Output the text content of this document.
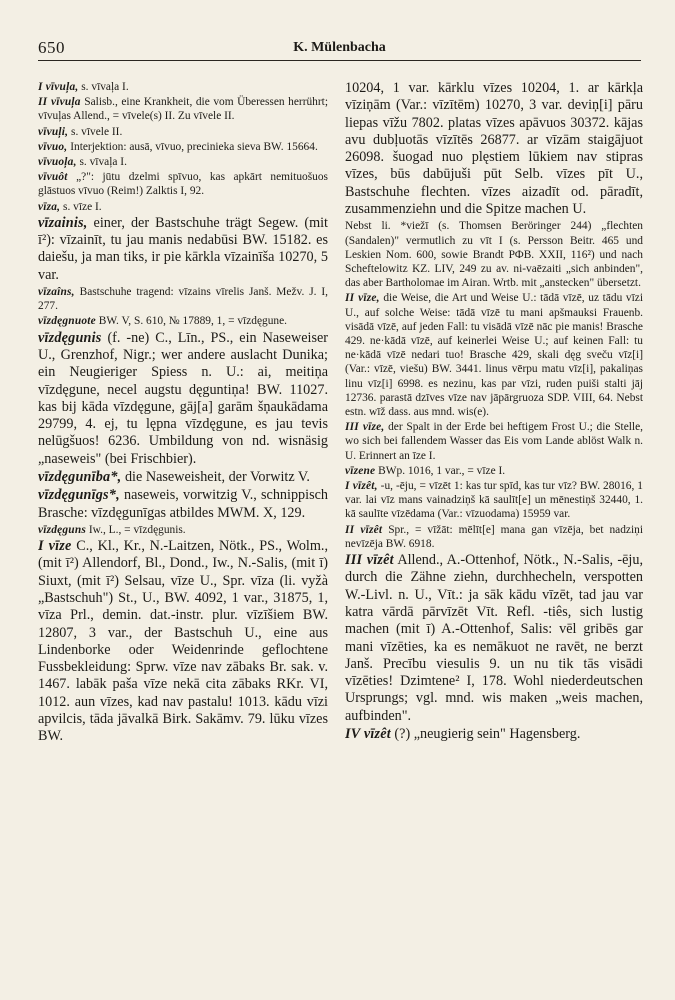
650	K. Mülenbacha

I vīvuļa, s. vīvaļa I.

II vīvuļa Salisb., eine Krankheit, die vom Überessen herrührt; vīvuļas Allend., = vīvele(s) II. Zu vīvele II.

vīvuļi, s. vīvele II.

vīvuo, Interjektion: ausā, vīvuo, precinieka sieva BW. 15664.

vīvuoļa, s. vīvaļa I.

vīvuôt „?": jūtu dzelmi spīvuo, kas apkārt nemituošuos glāstuos vīvuo (Reim!) Zalktis I, 92.

vīza, s. vīze I.

vīzainis, einer, der Bastschuhe trägt Segew. (mit ī²): vīzainīt, tu jau manis nedabūsi BW. 15182. es daiešu, ja man tiks, ir pie kārkla vīzainīša 10270, 5 var.

vīzaîns, Bastschuhe tragend: vīzains vīrelis Janš. Mežv. J. I, 277.

vīzdęgnuote BW. V, S. 610, № 17889, 1, = vīzdęgune.

vīzdęgunis (f. -ne) C., Līn., PS., ein Naseweiser U., Grenzhof, Nigr.; wer andere auslacht Dunika; ein Neugieriger Spiess n. U.: ai, meitiņa vīzdęgune, necel augstu dęguntiņa! BW. 11027. kas bij kāda vīzdęgune, gāj[a] garām šņaukādama 29799, 4. ej, tu lępna vīzdęgune, es jau tevis nelūgšuos! 6236. Umbildung von nd. wisnäsig „naseweis" (bei Frischbier).

vīzdęgunība*, die Naseweisheit, der Vorwitz V.

vīzdęgunīgs*, naseweis, vorwitzig V., schnippisch Brasche: vīzdęgunīgas atbildes MWM. X, 129.

vīzdęguns Iw., L., = vīzdęgunis.

I vīze C., Kl., Kr., N.-Laitzen, Nötk., PS., Wolm., (mit ī²) Allendorf, Bl., Dond., Iw., N.-Salis, (mit ī) Siuxt, (mit ī²) Selsau, vīze U., Spr. vīza (li. vyžà „Bastschuh") St., U., BW. 4092, 1 var., 31875, 1, vīza Prl., demin. dat.-instr. plur. vīzīšiem BW. 12807, 3 var., der Bastschuh U., eine aus Lindenborke oder Weidenrinde geflochtene Fussbekleidung: Sprw. vīze nav zābaks Br. sak. v. 1467. labāk paša vīze nekā cita zābaks RKr. VI, 1012. aun vīzes, kad nav pastalu! 1013. kādu vīzi apvilcis, tāda jāvalkā Birk. Sakāmv. 79. lūku vīzes BW.

10204, 1 var. kārklu vīzes 10204, 1. ar kārkļa vīziņām (Var.: vīzītēm) 10270, 3 var. deviņ[i] pāru liepas vīžu 7802. platas vīzes apāvuos 30372. kājas avu dubļuotās vīzītēs 26877. ar vīzām staigājuot 26098. šuogad nuo plęstiem lūkiem nav stipras vīzes, būs dabūjuši pūt Selb. vīzes pīt U., Bastschuhe flechten. vīzes aizadīt od. pāradīt, zusammenziehn und die Spitze machen U.

Nebst li. *viežī (s. Thomsen Beröringer 244) „flechten (Sandalen)" vermutlich zu vīt I (s. Persson Beitr. 465 und Leskien Nom. 600, sowie Brandt РФВ. XXII, 116²) und nach Scheftelowitz KZ. LIV, 249 zu av. ni-vaēzaiti „sich anbinden", das aber Bartholomae im Airan. Wrtb. mit „anstecken" übersetzt.

II vīze, die Weise, die Art und Weise U.: tādā vīzē, uz tādu vīzi U., auf solche Weise: tādā vīzē tu mani apšmauksi Frauenb. visādā vīzē, auf jeden Fall: tu visādā vīzē nāc pie manis! Brasche 429. ne·kādā vīzē, auf keinerlei Weise U.; auf keinen Fall: tu ne·kādā vīzē nedari tuo! Brasche 429, skali dęg sveču vīz[i] (Var.: vīzē, viešu) BW. 3441. linus vērpu matu vīz[i], pakaliņas linu vīz[i] 6998. es nezinu, kas par vīzi, ruden puiši stalti jāj 12736. parastā dzīves vīze nav jāpārgruoza SDP. VIII, 64. Nebst estn. wīž dass. aus mnd. wis(e).

III vīze, der Spalt in der Erde bei heftigem Frost U.; die Stelle, wo sich bei fallendem Wasser das Eis vom Lande ablöst Walk n. U. Erinnert an īze I.

vīzene BWp. 1016, 1 var., = vīze I.

I vīzêt, -u, -ēju, = vīzēt 1: kas tur spīd, kas tur vīz? BW. 28016, 1 var. lai vīz mans vainadziņš kā saulīt[e] un mēnestiņš 32440, 1. kā saulīte vīzēdama (Var.: vīzuodama) 15959 var.

II vīzêt Spr., = vīžāt: mēlīt[e] mana gan vīzēja, bet nadziņi nevīzēja BW. 6918.

III vīzêt Allend., A.-Ottenhof, Nötk., N.-Salis, -ēju, durch die Zähne ziehn, durchhecheln, verspotten W.-Livl. n. U., Vīt.: ja sāk kādu vīzēt, tad jau var katra vārdā pārvīzēt Vīt. Refl. -tiês, sich lustig machen (mit ī) A.-Ottenhof, Salis: vēl gribēs gar mani vīzēties, ka es nemākuot ne ravēt, ne berzt Janš. Precību viesulis 9. un nu tik tās visādi vīzēties! Dzimtene² I, 178. Wohl niederdeutschen Ursprungs; vgl. mnd. wis maken „weis machen, aufbinden".

IV vīzêt (?) „neugierig sein" Hagensberg.
